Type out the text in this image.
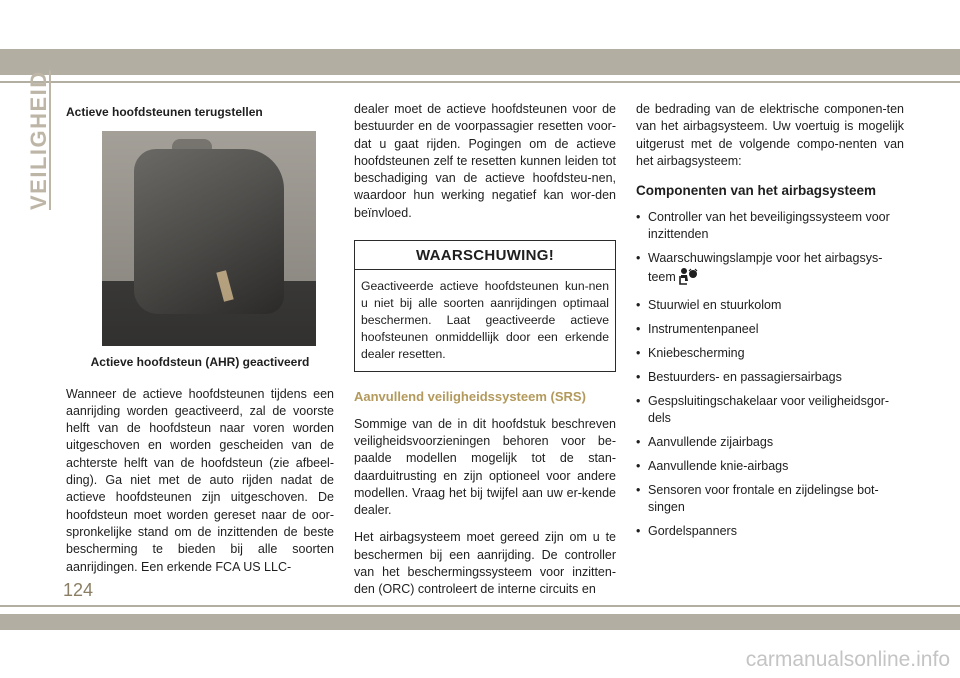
VEILIGHEID Actieve hoofdsteunen terugstellen
Actieve hoofdsteun (AHR) geactiveerd

Wanneer de actieve hoofdsteunen tijdens een aanrijding worden geactiveerd, zal de voorste helft van de hoofdsteun naar voren worden uitgeschoven en worden gescheiden van de achterste helft van de hoofdsteun (zie afbeel-ding). Ga niet met de auto rijden nadat de actieve hoofdsteunen zijn uitgeschoven. De hoofdsteun moet worden gereset naar de oor-spronkelijke stand om de inzittenden de beste bescherming te bieden bij alle soorten aanrijdingen. Een erkende FCA US LLC-

dealer moet de actieve hoofdsteunen voor de bestuurder en de voorpassagier resetten voor-dat u gaat rijden. Pogingen om de actieve hoofdsteunen zelf te resetten kunnen leiden tot beschadiging van de actieve hoofdsteu-nen, waardoor hun werking negatief kan wor-den beïnvloed.

WAARSCHUWING!
Geactiveerde actieve hoofdsteunen kun-nen u niet bij alle soorten aanrijdingen optimaal beschermen. Laat geactiveerde actieve hoofsteunen onmiddellijk door een erkende dealer resetten.
Aanvullend veiligheidssysteem (SRS)

Sommige van de in dit hoofdstuk beschreven veiligheidsvoorzieningen behoren voor be-paalde modellen mogelijk tot de stan-daarduitrusting en zijn optioneel voor andere modellen. Vraag het bij twijfel aan uw er-kende dealer.

Het airbagsysteem moet gereed zijn om u te beschermen bij een aanrijding. De controller van het beschermingssysteem voor inzitten-den (ORC) controleert de interne circuits en

de bedrading van de elektrische componen-ten van het airbagsysteem. Uw voertuig is mogelijk uitgerust met de volgende compo-nenten van het airbagsysteem:

Componenten van het airbagsysteem
• Controller van het beveiligingssysteem voor inzittenden
• Waarschuwingslampje voor het airbagsys-teem
• Stuurwiel en stuurkolom
• Instrumentenpaneel
• Kniebescherming
• Bestuurders- en passagiersairbags
• Gespsluitingschakelaar voor veiligheidsgor-dels
• Aanvullende zijairbags
• Aanvullende knie-airbags
• Sensoren voor frontale en zijdelingse bot-singen
• Gordelspanners
124
carmanualsonline.info
